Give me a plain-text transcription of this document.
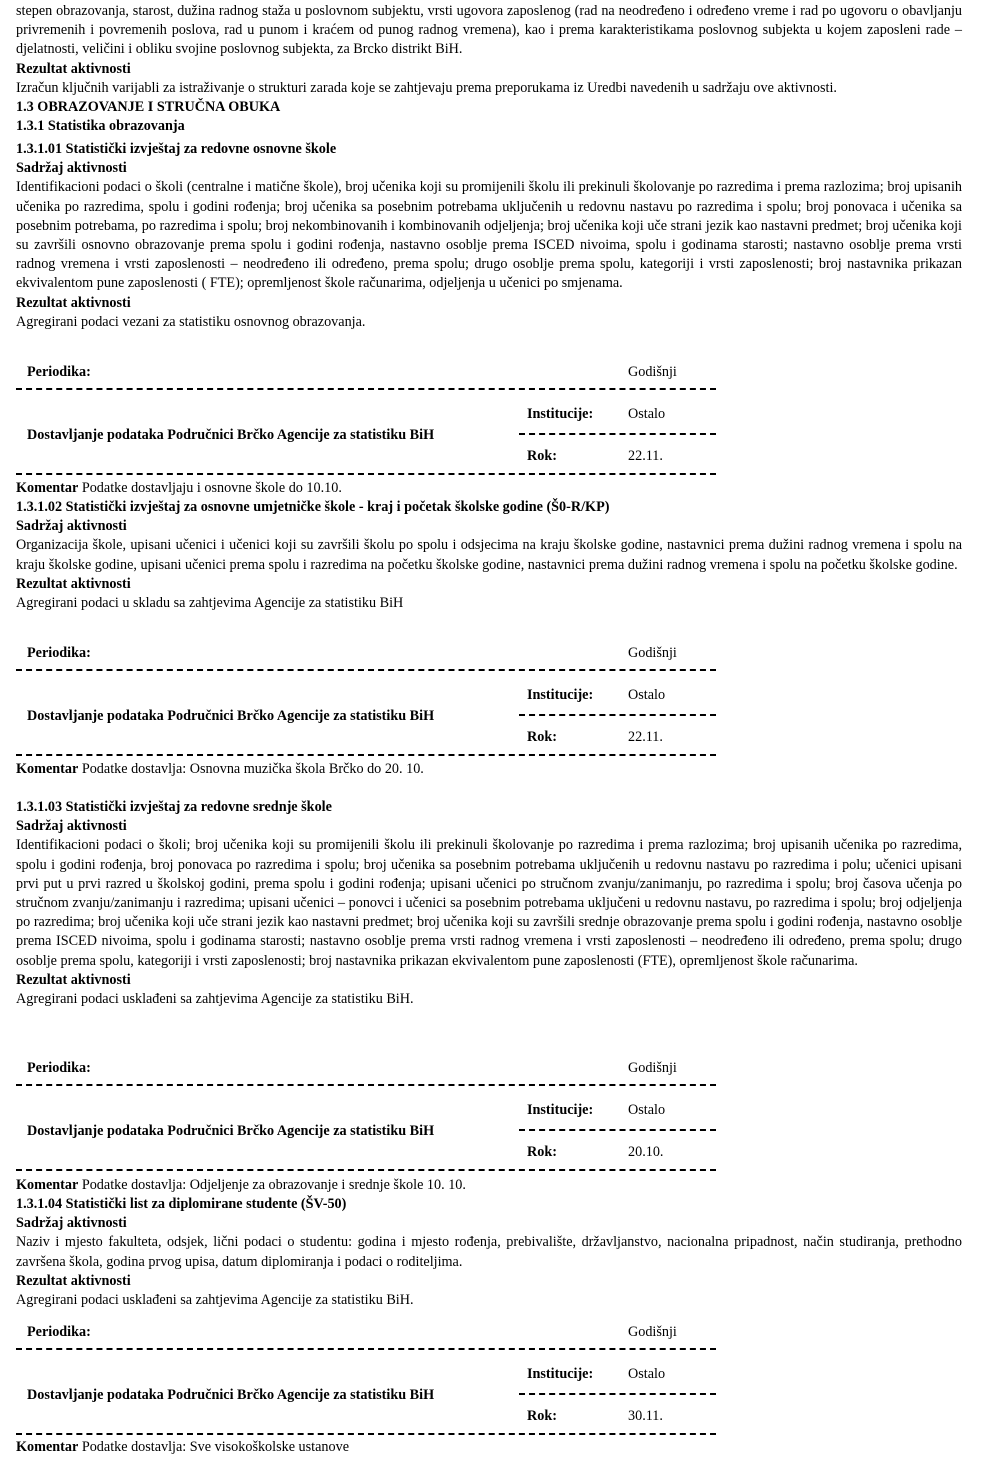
stepen obrazovanja, starost, dužina radnog staža u poslovnom subjektu, vrsti ugovora zaposlenog (rad na neodređeno i određeno vreme i rad po ugovoru o obavljanju privremenih i povremenih poslova, rad u punom i kraćem od punog radnog vremena), kao i prema karakteristikama poslovnog subjekta u kojem zaposleni rade – djelatnosti, veličini i obliku svojine poslovnog subjekta, za Brcko distrikt BiH.

Rezultat aktivnosti

Izračun ključnih varijabli za istraživanje o strukturi zarada koje se zahtjevaju prema preporukama iz Uredbi navedenih u sadržaju ove aktivnosti.

1.3 OBRAZOVANJE I STRUČNA OBUKA

1.3.1 Statistika obrazovanja

1.3.1.01 Statistički izvještaj za redovne osnovne škole

Sadržaj aktivnosti

Identifikacioni podaci o školi (centralne i matične škole), broj učenika koji su promijenili školu ili prekinuli školovanje po razredima i prema razlozima; broj upisanih učenika po razredima, spolu i godini rođenja; broj učenika sa posebnim potrebama uključenih u redovnu nastavu po razredima i spolu; broj ponovaca i učenika sa posebnim potrebama, po razredima i spolu; broj nekombinovanih i kombinovanih odjeljenja; broj učenika koji uče strani jezik kao nastavni predmet; broj učenika koji su završili osnovno obrazovanje prema spolu i godini rođenja, nastavno osoblje prema ISCED nivoima, spolu i godinama starosti; nastavno osoblje prema vrsti radnog vremena i vrsti zaposlenosti – neodređeno ili određeno, prema spolu; drugo osoblje prema spolu, kategoriji i vrsti zaposlenosti; broj nastavnika prikazan ekvivalentom pune zaposlenosti ( FTE); opremljenost škole računarima, odjeljenja u učenici po smjenama.

Rezultat aktivnosti

Agregirani podaci vezani za statistiku osnovnog obrazovanja.

Periodika:	Godišnji
Institucije: Ostalo
Dostavljanje podataka Područnici Brčko Agencije za statistiku BiH
Rok:	22.11.

Komentar Podatke dostavljaju i osnovne škole do 10.10.

1.3.1.02 Statistički izvještaj za osnovne umjetničke škole - kraj i početak školske godine (Š0-R/KP)

Sadržaj aktivnosti

Organizacija škole, upisani učenici i učenici koji su završili školu po spolu i odsjecima na kraju školske godine, nastavnici prema dužini radnog vremena i spolu na kraju školske godine, upisani učenici prema spolu i razredima na početku školske godine, nastavnici prema dužini radnog vremena i spolu na početku školske godine.

Rezultat aktivnosti

Agregirani podaci u skladu sa zahtjevima Agencije za statistiku BiH

Periodika:	Godišnji
Institucije: Ostalo
Dostavljanje podataka Područnici Brčko Agencije za statistiku BiH
Rok:	22.11.

Komentar Podatke dostavlja: Osnovna muzička škola Brčko do 20. 10.

1.3.1.03 Statistički izvještaj za redovne srednje škole

Sadržaj aktivnosti

Identifikacioni podaci o školi; broj učenika koji su promijenili školu ili prekinuli školovanje po razredima i prema razlozima; broj upisanih učenika po razredima, spolu i godini rođenja, broj ponovaca po razredima i spolu; broj učenika sa posebnim potrebama uključenih u redovnu nastavu po razredima i polu; učenici upisani prvi put u prvi razred u školskoj godini, prema spolu i godini rođenja; upisani učenici po stručnom zvanju/zanimanju, po razredima i spolu; broj časova učenja po stručnom zvanju/zanimanju i razredima; upisani učenici – ponovci i učenici sa posebnim potrebama uključeni u redovnu nastavu, po razredima i spolu; broj odjeljenja po razredima; broj učenika koji uče strani jezik kao nastavni predmet; broj učenika koji su završili srednje obrazovanje prema spolu i godini rođenja, nastavno osoblje prema ISCED nivoima, spolu i godinama starosti; nastavno osoblje prema vrsti radnog vremena i vrsti zaposlenosti – neodređeno ili određeno, prema spolu; drugo osoblje prema spolu, kategoriji i vrsti zaposlenosti; broj nastavnika prikazan ekvivalentom pune zaposlenosti (FTE), opremljenost škole računarima.

Rezultat aktivnosti

Agregirani podaci usklađeni sa zahtjevima Agencije za statistiku BiH.

Periodika:	Godišnji
Institucije: Ostalo
Dostavljanje podataka Područnici Brčko Agencije za statistiku BiH
Rok:	20.10.

Komentar Podatke dostavlja: Odjeljenje za obrazovanje i srednje škole 10. 10.

1.3.1.04 Statistički list za diplomirane studente (ŠV-50)

Sadržaj aktivnosti

Naziv i mjesto fakulteta, odsjek, lični podaci o studentu: godina i mjesto rođenja, prebivalište, državljanstvo, nacionalna pripadnost, način studiranja, prethodno završena škola, godina prvog upisa, datum diplomiranja i podaci o roditeljima.

Rezultat aktivnosti

Agregirani podaci usklađeni sa zahtjevima Agencije za statistiku BiH.

Periodika:	Godišnji
Institucije: Ostalo
Dostavljanje podataka Područnici Brčko Agencije za statistiku BiH
Rok:	30.11.

Komentar Podatke dostavlja: Sve visokoškolske ustanove
